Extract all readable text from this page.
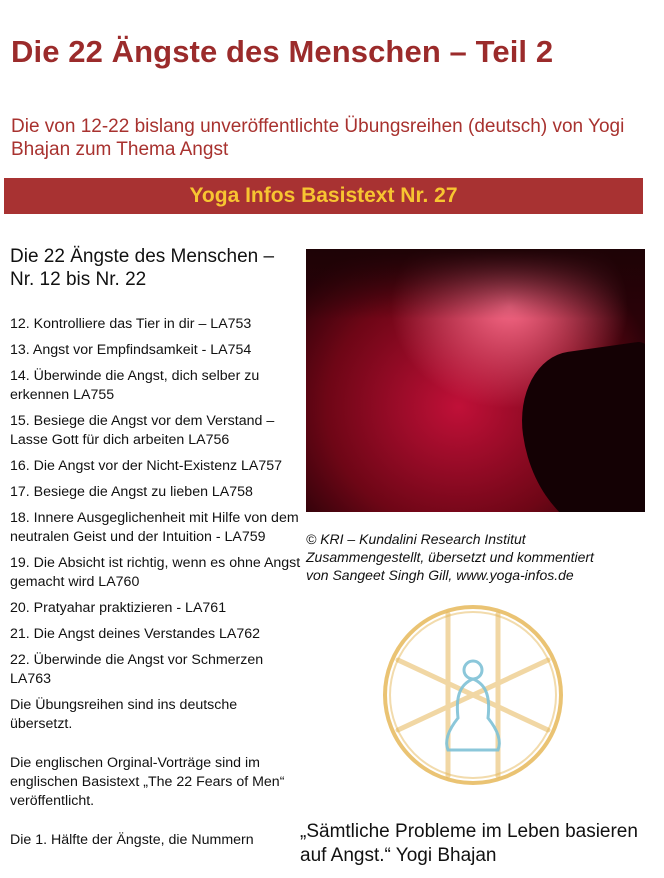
Die 22 Ängste des Menschen – Teil 2

Die von 12-22 bislang unveröffentlichte Übungsreihen (deutsch) von Yogi Bhajan zum Thema Angst

Yoga Infos Basistext Nr. 27
Die 22 Ängste des Menschen – Nr. 12 bis Nr. 22
12. Kontrolliere das Tier in dir – LA753
13. Angst vor Empfindsamkeit - LA754
14. Überwinde die Angst, dich selber zu erkennen LA755
15. Besiege die Angst vor dem Verstand – Lasse Gott für dich arbeiten LA756
16. Die Angst vor der Nicht-Existenz LA757
17. Besiege die Angst zu lieben LA758
18. Innere Ausgeglichenheit mit Hilfe von dem neutralen Geist und der Intuition - LA759
19. Die Absicht ist richtig, wenn es ohne Angst gemacht wird LA760
20. Pratyahar praktizieren - LA761
21. Die Angst deines Verstandes LA762
22. Überwinde die Angst vor Schmerzen LA763

Die Übungsreihen sind ins deutsche übersetzt.

Die englischen Orginal-Vorträge sind im englischen Basistext „The 22 Fears of Men“ veröffentlicht.

Die 1. Hälfte der Ängste, die Nummern

© KRI – Kundalini Research Institut
Zusammengestellt, übersetzt und kommentiert
von Sangeet Singh Gill, www.yoga-infos.de

„Sämtliche Probleme im Leben basieren auf Angst.“ Yogi Bhajan
